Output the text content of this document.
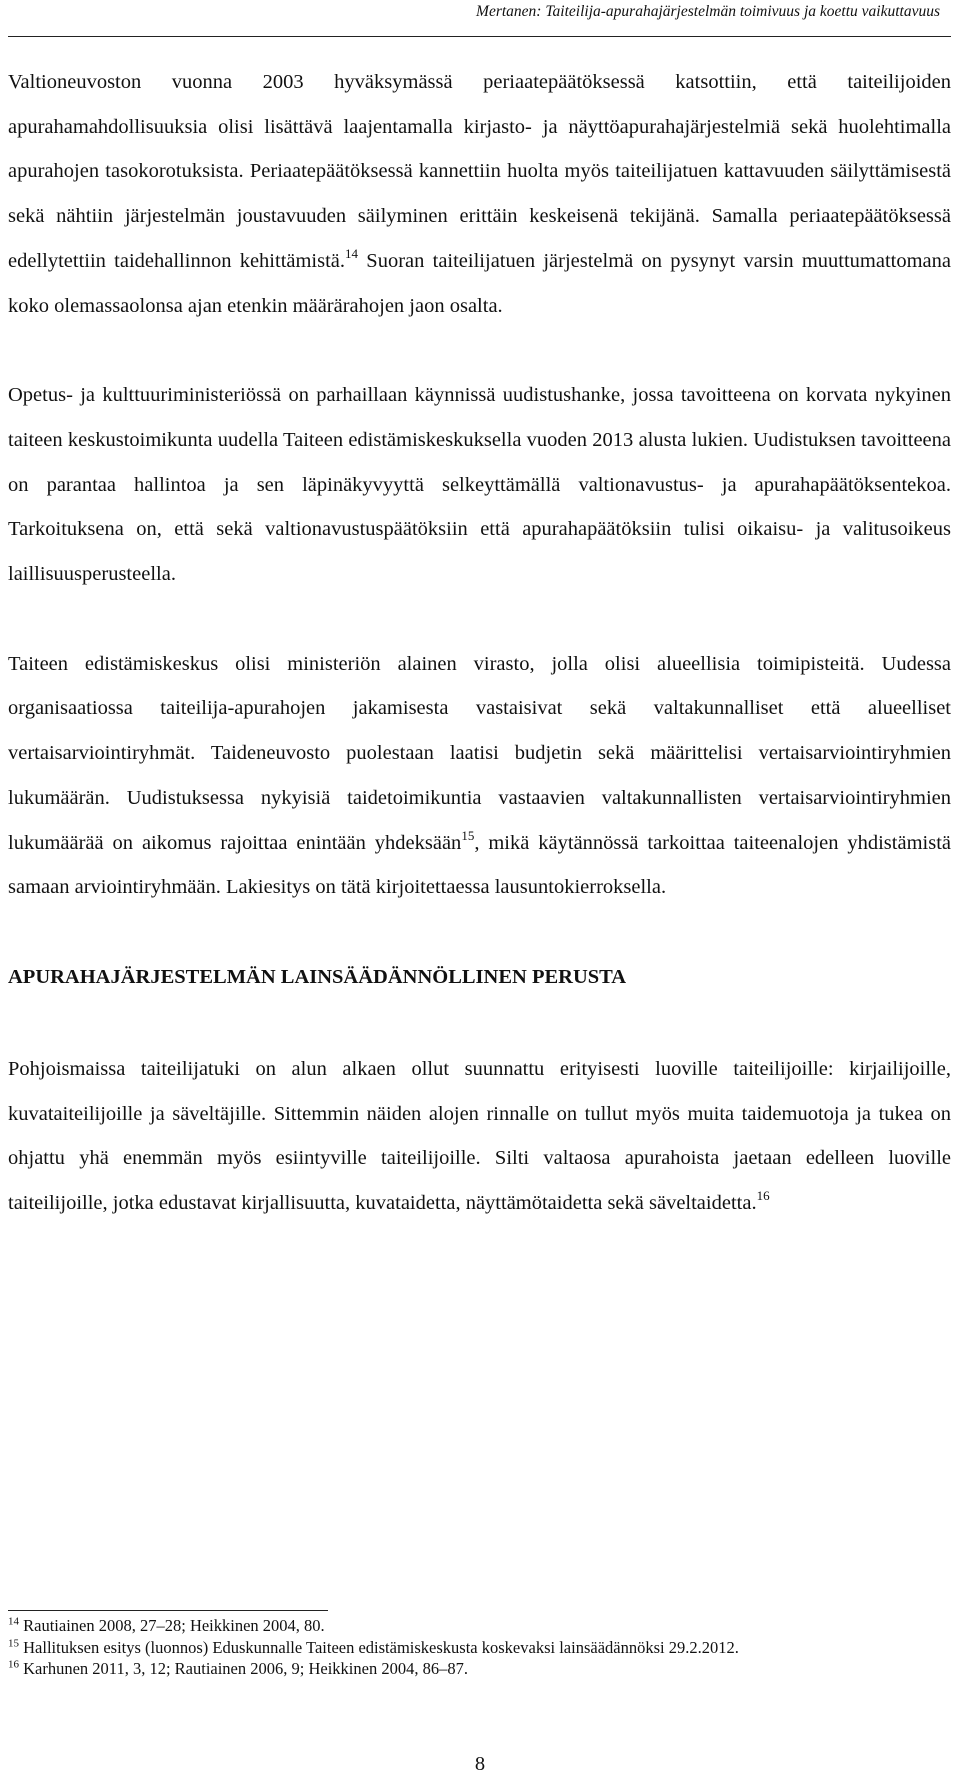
Mertanen: Taiteilija-apurahajärjestelmän toimivuus ja koettu vaikuttavuus

Valtioneuvoston vuonna 2003 hyväksymässä periaatepäätöksessä katsottiin, että taiteilijoiden apurahamahdollisuuksia olisi lisättävä laajentamalla kirjasto- ja näyttöapurahajärjestelmiä sekä huolehtimalla apurahojen tasokorotuksista. Periaatepäätöksessä kannettiin huolta myös taiteilijatuen kattavuuden säilyttämisestä sekä nähtiin järjestelmän joustavuuden säilyminen erittäin keskeisenä tekijänä. Samalla periaatepäätöksessä edellytettiin taidehallinnon kehittämistä.$^{14}$ Suoran taiteilijatuen järjestelmä on pysynyt varsin muuttumattomana koko olemassaolonsa ajan etenkin määrärahojen jaon osalta.

Opetus- ja kulttuuriministeriössä on parhaillaan käynnissä uudistushanke, jossa tavoitteena on korvata nykyinen taiteen keskustoimikunta uudella Taiteen edistämiskeskuksella vuoden 2013 alusta lukien. Uudistuksen tavoitteena on parantaa hallintoa ja sen läpinäkyvyyttä selkeyttämällä valtionavustus- ja apurahapäätöksentekoa. Tarkoituksena on, että sekä valtionavustuspäätöksiin että apurahapäätöksiin tulisi oikaisu- ja valitusoikeus laillisuusperusteella.

Taiteen edistämiskeskus olisi ministeriön alainen virasto, jolla olisi alueellisia toimipisteitä. Uudessa organisaatiossa taiteilija-apurahojen jakamisesta vastaisivat sekä valtakunnalliset että alueelliset vertaisarviointiryhmät. Taideneuvosto puolestaan laatisi budjetin sekä määrittelisi vertaisarviointiryhmien lukumäärän. Uudistuksessa nykyisiä taidetoimikuntia vastaavien valtakunnallisten vertaisarviointiryhmien lukumäärää on aikomus rajoittaa enintään yhdeksään$^{15}$, mikä käytännössä tarkoittaa taiteenalojen yhdistämistä samaan arviointiryhmään. Lakiesitys on tätä kirjoitettaessa lausuntokierroksella.

APURAHAJÄRJESTELMÄN LAINSÄÄDÄNNÖLLINEN PERUSTA

Pohjoismaissa taiteilijatuki on alun alkaen ollut suunnattu erityisesti luoville taiteilijoille: kirjailijoille, kuvataiteilijoille ja säveltäjille. Sittemmin näiden alojen rinnalle on tullut myös muita taidemuotoja ja tukea on ohjattu yhä enemmän myös esiintyville taiteilijoille. Silti valtaosa apurahoista jaetaan edelleen luoville taiteilijoille, jotka edustavat kirjallisuutta, kuvataidetta, näyttämötaidetta sekä säveltaidetta.$^{16}$

$^{14}$ Rautiainen 2008, 27–28; Heikkinen 2004, 80.
$^{15}$ Hallituksen esitys (luonnos) Eduskunnalle Taiteen edistämiskeskusta koskevaksi lainsäädännöksi 29.2.2012.
$^{16}$ Karhunen 2011, 3, 12; Rautiainen 2006, 9; Heikkinen 2004, 86–87.
8
